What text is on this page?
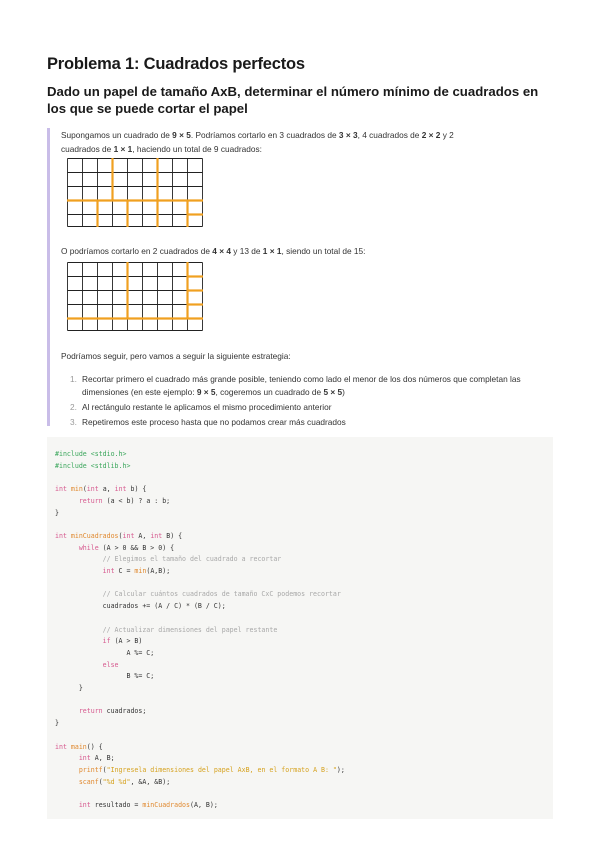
Problema 1: Cuadrados perfectos
Dado un papel de tamaño AxB, determinar el número mínimo de cuadrados en los que se puede cortar el papel
Supongamos un cuadrado de 9 × 5. Podríamos cortarlo en 3 cuadrados de 3 × 3, 4 cuadrados de 2 × 2 y 2
cuadrados de 1 × 1, haciendo un total de 9 cuadrados:
O podríamos cortarlo en 2 cuadrados de 4 × 4 y 13 de 1 × 1, siendo un total de 15:
Podríamos seguir, pero vamos a seguir la siguiente estrategia:
1. Recortar primero el cuadrado más grande posible, teniendo como lado el menor de los dos números que completan las dimensiones (en este ejemplo: 9 × 5, cogeremos un cuadrado de 5 × 5)
2. Al rectángulo restante le aplicamos el mismo procedimiento anterior
3. Repetiremos este proceso hasta que no podamos crear más cuadrados
#include <stdio.h>
#include <stdlib.h>

int min(int a, int b) {
return (a < b) ? a : b;
}

int minCuadrados(int A, int B) {
while (A > 0 && B > 0) {
// Elegimos el tamaño del cuadrado a recortar
int C = min(A,B);

// Calcular cuántos cuadrados de tamaño CxC podemos recortar
cuadrados += (A / C) * (B / C);

// Actualizar dimensiones del papel restante
if (A > B)
A %= C;
else
B %= C;
}

return cuadrados;
}

int main() {
int A, B;
printf("Ingresela dimensiones del papel AxB, en el formato A B: ");
scanf("%d %d", &A, &B);

int resultado = minCuadrados(A, B);
